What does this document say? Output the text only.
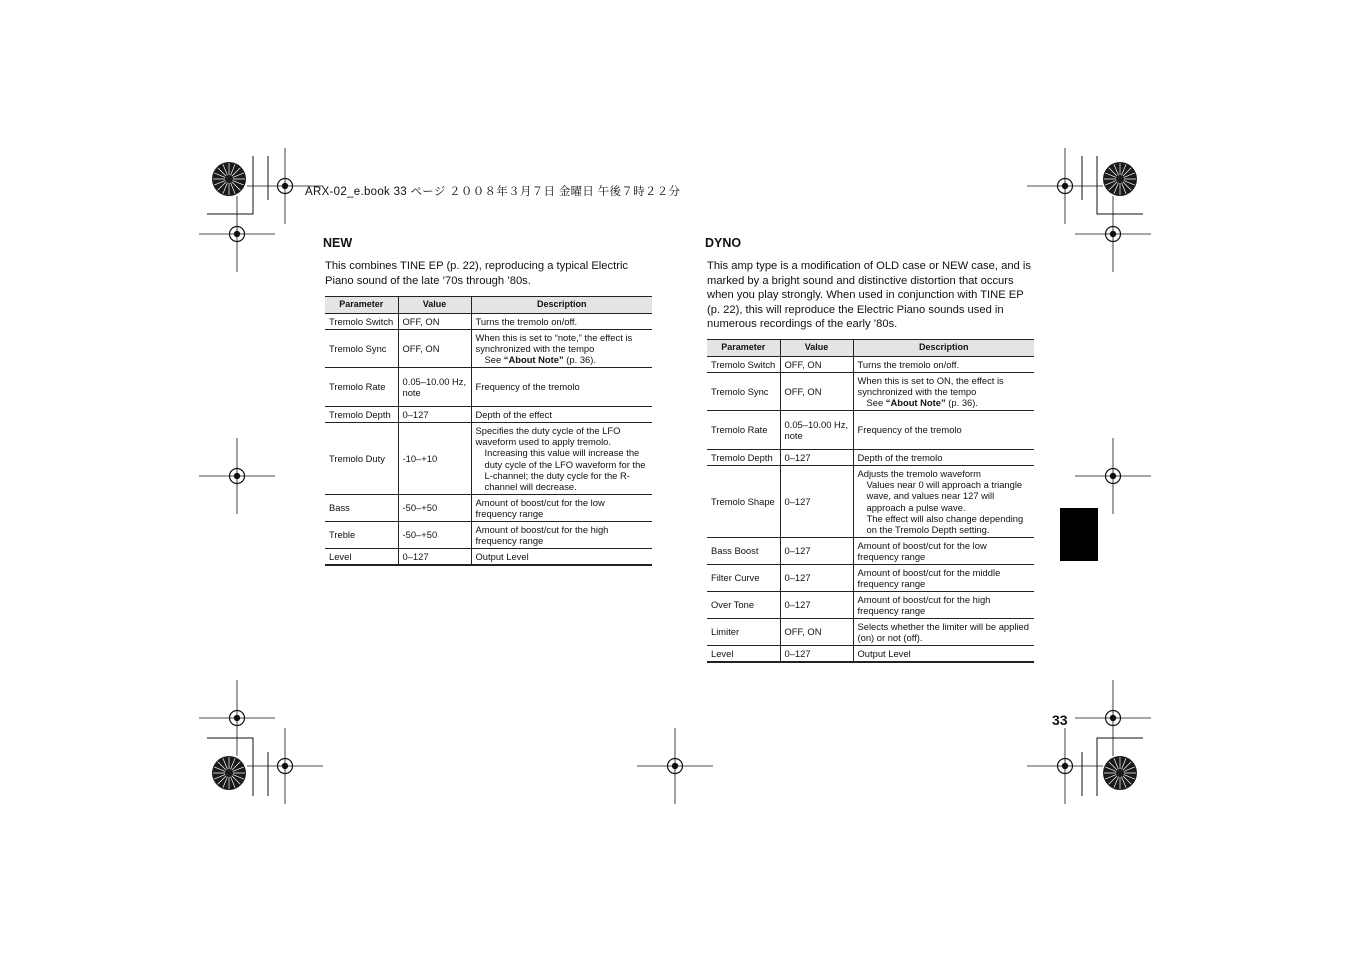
ARX-02_e.book 33 ページ ２００８年３月７日 金曜日 午後７時２２分
NEW
This combines TINE EP (p. 22), reproducing a typical Electric Piano sound of the late ’70s through ’80s.
Parameter	Value	Description
Tremolo Switch	OFF, ON	Turns the tremolo on/off.
Tremolo Sync	OFF, ON	When this is set to “note,” the effect is synchronized with the tempo
See “About Note” (p. 36).

Tremolo Rate	0.05–10.00 Hz, note	Frequency of the tremolo
Tremolo Depth	0–127	Depth of the effect
Tremolo Duty	-10–+10	Specifies the duty cycle of the LFO waveform used to apply tremolo.
Increasing this value will increase the duty cycle of the LFO waveform for the L-channel; the duty cycle for the R-channel will decrease.

Bass	-50–+50	Amount of boost/cut for the low frequency range
Treble	-50–+50	Amount of boost/cut for the high frequency range
Level	0–127	Output Level
DYNO
This amp type is a modification of OLD case or NEW case, and is marked by a bright sound and distinctive distortion that occurs when you play strongly. When used in conjunction with TINE EP (p. 22), this will reproduce the Electric Piano sounds used in numerous recordings of the early ’80s.
Parameter	Value	Description
Tremolo Switch	OFF, ON	Turns the tremolo on/off.
Tremolo Sync	OFF, ON	When this is set to ON, the effect is synchronized with the tempo
See “About Note” (p. 36).

Tremolo Rate	0.05–10.00 Hz, note	Frequency of the tremolo
Tremolo Depth	0–127	Depth of the tremolo
Tremolo Shape	0–127	Adjusts the tremolo waveform
Values near 0 will approach a triangle wave, and values near 127 will approach a pulse wave.
The effect will also change depending on the Tremolo Depth setting.

Bass Boost	0–127	Amount of boost/cut for the low frequency range
Filter Curve	0–127	Amount of boost/cut for the middle frequency range
Over Tone	0–127	Amount of boost/cut for the high frequency range
Limiter	OFF, ON	Selects whether the limiter will be applied (on) or not (off).
Level	0–127	Output Level
33
